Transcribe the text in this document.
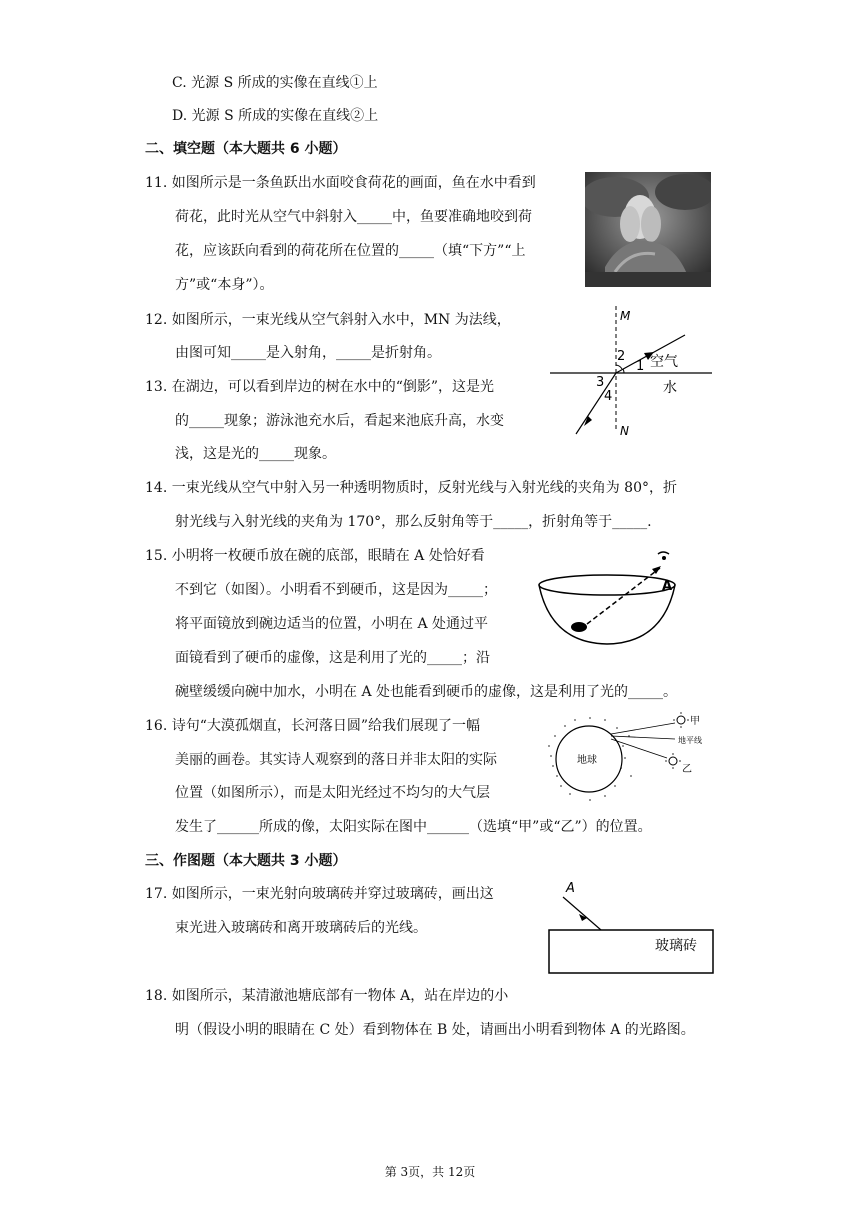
C. 光源 S 所成的实像在直线①上
D. 光源 S 所成的实像在直线②上
二、填空题（本大题共 6 小题）
11. 如图所示是一条鱼跃出水面咬食荷花的画面，鱼在水中看到
荷花，此时光从空气中斜射入_____中，鱼要准确地咬到荷
花，应该跃向看到的荷花所在位置的_____（填“下方”“上
方”或“本身”）。
12. 如图所示，一束光线从空气斜射入水中，MN 为法线，
由图可知_____是入射角，_____是折射角。
13. 在湖边，可以看到岸边的树在水中的“倒影”，这是光
的_____现象；游泳池充水后，看起来池底升高，水变
浅，这是光的_____现象。
14. 一束光线从空气中射入另一种透明物质时，反射光线与入射光线的夹角为 80°，折
射光线与入射光线的夹角为 170°，那么反射角等于_____，折射角等于_____.
15. 小明将一枚硬币放在碗的底部，眼睛在 A 处恰好看
不到它（如图）。小明看不到硬币，这是因为_____；
将平面镜放到碗边适当的位置，小明在 A 处通过平
面镜看到了硬币的虚像，这是利用了光的_____；沿
碗壁缓缓向碗中加水，小明在 A 处也能看到硬币的虚像，这是利用了光的_____。
16. 诗句“大漠孤烟直，长河落日圆”给我们展现了一幅
美丽的画卷。其实诗人观察到的落日并非太阳的实际
位置（如图所示），而是太阳光经过不均匀的大气层
发生了______所成的像，太阳实际在图中______（选填“甲”或“乙”）的位置。
三、作图题（本大题共 3 小题）
17. 如图所示，一束光射向玻璃砖并穿过玻璃砖，画出这
束光进入玻璃砖和离开玻璃砖后的光线。
18. 如图所示，某清澈池塘底部有一物体 A，站在岸边的小
明（假设小明的眼睛在 C 处）看到物体在 B 处，请画出小明看到物体 A 的光路图。
M
N
2
1
3
4
空气
水
A
地球
甲
地平线
乙
A
玻璃砖
第 3页，共 12页
